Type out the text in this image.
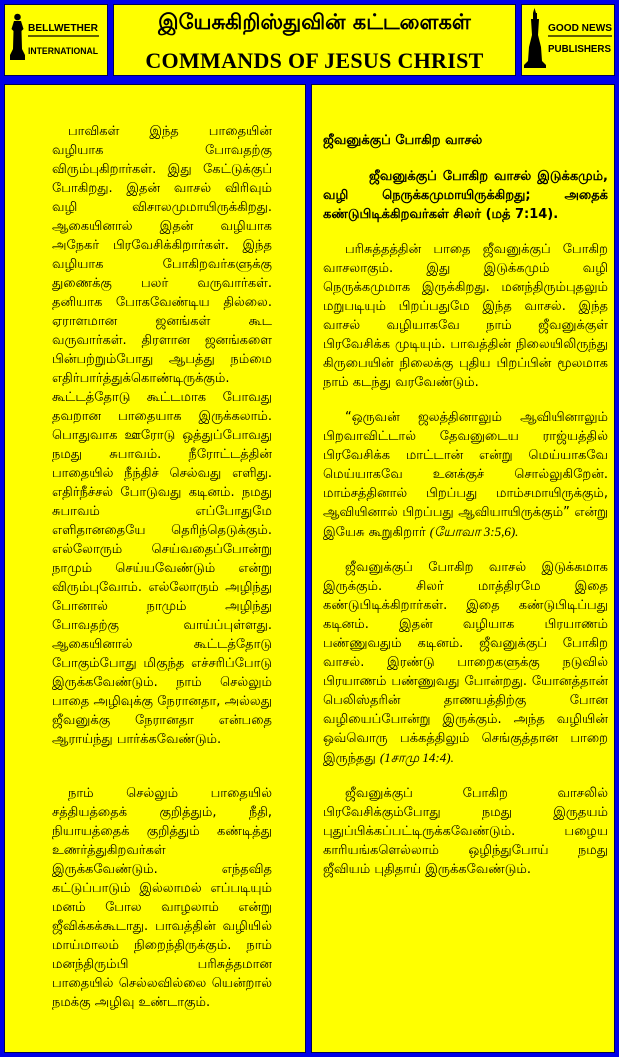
BELLWETHER
INTERNATIONAL
இயேசுகிறிஸ்துவின் கட்டளைகள்
COMMANDS OF JESUS CHRIST
GOOD NEWS
PUBLISHERS

பாவிகள் இந்த பாதையின் வழியாக போவதற்கு விரும்புகிறார்கள். இது கேட்டுக்குப் போகிறது. இதன் வாசல் விரிவும் வழி விசாலமுமாயிருக்கிறது. ஆகையினால் இதன் வழியாக அநேகர் பிரவேசிக்கிறார்கள். இந்த வழியாக போகிறவர்களுக்கு துணைக்கு பலர் வருவார்கள். தனியாக போகவேண்டிய தில்லை. ஏராளமான ஜனங்கள் கூட வருவார்கள். திரளான ஜனங்களை பின்பற்றும்போது ஆபத்து நம்மை எதிர்பார்த்துக்கொண்டிருக்கும். கூட்டத்தோடு கூட்டமாக போவது தவறான பாதையாக இருக்கலாம். பொதுவாக ஊரோடு ஒத்துப்போவது நமது சுபாவம். நீரோட்டத்தின் பாதையில் நீந்திச் செல்வது எளிது. எதிர்நீச்சல் போடுவது கடினம். நமது சுபாவம் எப்போதுமே எளிதானதையே தெரிந்தெடுக்கும். எல்லோரும் செய்வதைப்போன்று நாமும் செய்யவேண்டும் என்று விரும்புவோம். எல்லோரும் அழிந்து போனால் நாமும் அழிந்து போவதற்கு வாய்ப்புள்ளது. ஆகையினால் கூட்டத்தோடு போகும்போது மிகுந்த எச்சரிப்போடு இருக்கவேண்டும். நாம் செல்லும் பாதை அழிவுக்கு நேரானதா, அல்லது ஜீவனுக்கு நேரானதா என்பதை ஆராய்ந்து பார்க்கவேண்டும்.

நாம் செல்லும் பாதையில் சத்தியத்தைக் குறித்தும், நீதி, நியாயத்தைக் குறித்தும் கண்டித்து உணர்த்துகிறவர்கள் இருக்கவேண்டும். எந்தவித கட்டுப்பாடும் இல்லாமல் எப்படியும் மனம் போல வாழலாம் என்று ஜீவிக்கக்கூடாது. பாவத்தின் வழியில் மாய்மாலம் நிறைந்திருக்கும். நாம் மனந்திரும்பி பரிசுத்தமான பாதையில் செல்லவில்லை யென்றால் நமக்கு அழிவு உண்டாகும்.

ஜீவனுக்குப் போகிற வாசல்

ஜீவனுக்குப் போகிற வாசல் இடுக்கமும், வழி நெருக்கமுமாயிருக்கிறது; அதைக் கண்டுபிடிக்கிறவர்கள் சிலர் (மத் 7:14).

பரிசுத்தத்தின் பாதை ஜீவனுக்குப் போகிற வாசலாகும். இது இடுக்கமும் வழி நெருக்கமுமாக இருக்கிறது. மனந்திரும்புதலும் மறுபடியும் பிறப்பதுமே இந்த வாசல். இந்த வாசல் வழியாகவே நாம் ஜீவனுக்குள் பிரவேசிக்க முடியும். பாவத்தின் நிலையிலிருந்து கிருபையின் நிலைக்கு புதிய பிறப்பின் மூலமாக நாம் கடந்து வரவேண்டும்.

“ஒருவன் ஜலத்தினாலும் ஆவியினாலும் பிறவாவிட்டால் தேவனுடைய ராஜ்யத்தில் பிரவேசிக்க மாட்டான் என்று மெய்யாகவே மெய்யாகவே உனக்குச் சொல்லுகிறேன். மாம்சத்தினால் பிறப்பது மாம்சமாயிருக்கும், ஆவியினால் பிறப்பது ஆவியாயிருக்கும்” என்று இயேசு கூறுகிறார் (யோவா 3:5,6).

ஜீவனுக்குப் போகிற வாசல் இடுக்கமாக இருக்கும். சிலர் மாத்திரமே இதை கண்டுபிடிக்கிறார்கள். இதை கண்டுபிடிப்பது கடினம். இதன் வழியாக பிரயாணம் பண்ணுவதும் கடினம். ஜீவனுக்குப் போகிற வாசல். இரண்டு பாறைகளுக்கு நடுவில் பிரயாணம் பண்ணுவது போன்றது. யோனத்தான் பெலிஸ்தரின் தாணயத்திற்கு போன வழியைப்போன்று இருக்கும். அந்த வழியின் ஒவ்வொரு பக்கத்திலும் செங்குத்தான பாறை இருந்தது (1சாமு 14:4).

ஜீவனுக்குப் போகிற வாசலில் பிரவேசிக்கும்போது நமது இருதயம் புதுப்பிக்கப்பட்டிருக்கவேண்டும். பழைய காரியங்களெல்லாம் ஒழிந்துபோய் நமது ஜீவியம் புதிதாய் இருக்கவேண்டும்.
